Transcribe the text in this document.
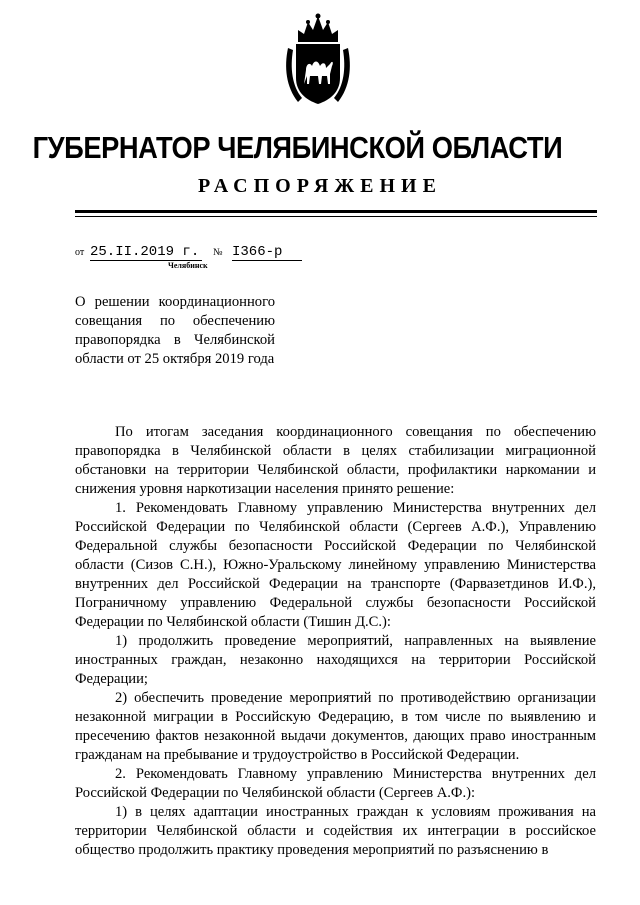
ГУБЕРНАТОР ЧЕЛЯБИНСКОЙ ОБЛАСТИ
РАСПОРЯЖЕНИЕ
от 25.II.2019 г. № I366-р
Челябинск
О решении координационного совещания по обеспечению правопорядка в Челябинской области от 25 октября 2019 года

По итогам заседания координационного совещания по обеспечению правопорядка в Челябинской области в целях стабилизации миграционной обстановки на территории Челябинской области, профилактики наркомании и снижения уровня наркотизации населения принято решение:

1. Рекомендовать Главному управлению Министерства внутренних дел Российской Федерации по Челябинской области (Сергеев А.Ф.), Управлению Федеральной службы безопасности Российской Федерации по Челябинской области (Сизов С.Н.), Южно-Уральскому линейному управлению Министерства внутренних дел Российской Федерации на транспорте (Фарвазетдинов И.Ф.), Пограничному управлению Федеральной службы безопасности Российской Федерации по Челябинской области (Тишин Д.С.):

1) продолжить проведение мероприятий, направленных на выявление иностранных граждан, незаконно находящихся на территории Российской Федерации;

2) обеспечить проведение мероприятий по противодействию организации незаконной миграции в Российскую Федерацию, в том числе по выявлению и пресечению фактов незаконной выдачи документов, дающих право иностранным гражданам на пребывание и трудоустройство в Российской Федерации.

2. Рекомендовать Главному управлению Министерства внутренних дел Российской Федерации по Челябинской области (Сергеев А.Ф.):

1) в целях адаптации иностранных граждан к условиям проживания на территории Челябинской области и содействия их интеграции в российское общество продолжить практику проведения мероприятий по разъяснению в
